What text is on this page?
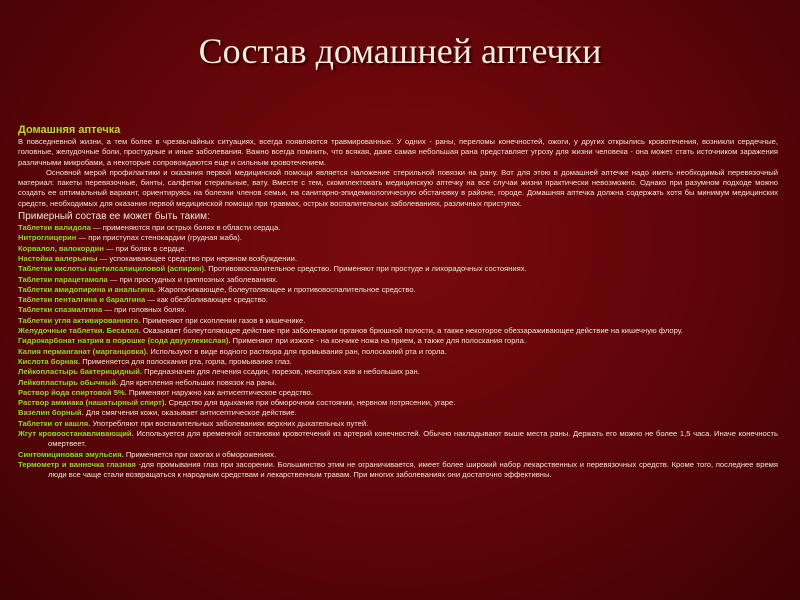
Состав домашней аптечки
Домашняя аптечка

В повседневной жизни, а тем более в чрезвычайных ситуациях, всегда появляются травмированные. У одних - раны, переломы конечностей, ожоги, у других открылись кровотечения, возникли сердечные, головные, желудочные боли, простудные и иные заболевания. Важно всегда помнить, что всякая, даже самая небольшая рана представляет угрозу для жизни человека - она может стать источником заражения различными микробами, а некоторые сопровождаются еще и сильным кровотечением.

Основной мерой профилактики и оказания первой медицинской помощи является наложение стерильной повязки на рану. Вот для этою в домашней аптечке надо иметь необходимый перевязочный материал: пакеты перевязочные, бинты, салфетки стерильные, вату. Вместе с тем, скомплектовать медицинскую аптечку на все случаи жизни практически невозможно. Однако при разумном подходе можно создать ее оптимальный вариант, ориентируясь на болезни членов семьи, на санитарно-эпидемиологическую обстановку в районе, городе. Домашняя аптечка должна содержать хотя бы минимум медицинских средств, необходимых для оказания первой медицинской помощи при травмах, острых воспалительных заболеваниях, различных приступах.

Примерный состав ее может быть таким:

Таблетки валидола — применяются при острых болях в области сердца.

Нитроглицерин — при приступах стенокардии (грудная жаба).

Корвалол, валокордин — при болях в сердце.

Настойка валерьяны — успокаивающее средство при нервном возбуждении.

Таблетки кислоты ацетилсалициловой (аспирин). Противовоспалительное средство. Применяют при простуде и лихорадочных состояниях.

Таблетки парацетамола — при простудных и гриппозных заболеваниях.

Таблетки амидопирина и анальгина. Жаропонижающее, болеутоляющее и противовоспалительное средство.

Таблетки пенталгина и баралгина — как обезболивающее средство.

Таблетки спазмалгина — при головных болях.

Таблетки угля активированного. Применяют при скоплении газов в кишечнике.

Желудочные таблетки. Бесалол. Оказывает болеутоляющее действие при заболевании органов брюшной полости, а также некоторое обеззараживающее действие на кишечную флору.

Гидрокарбонат натрия в порошке (сода двууглекислая). Применяют при изжоге - на кончике ножа на прием, а также для полоскания горла.

Калия перманганат (марганцовка). Используют в виде водного раствора для промывания ран, полосканий рта и горла.

Кислота борная. Применяется для полоскания рта, горла, промывания глаз.

Лейкопластырь бактерицидный. Предназначен для лечения ссадин, порезов, некоторых язв и небольших ран.

Лейкопластырь обычный. Для крепления небольших повязок на раны.

Раствор йода спиртовой 5%. Применяют наружно как антисептическое средство.

Раствор аммиака (нашатырный спирт). Средство для вдыхания при обморочном состоянии, нервном потрясении, угаре.

Вазелин борный. Для смягчения кожи, оказывает антисептическое действие.

Таблетки от кашля. Употребляют при воспалительных заболеваниях верхних дыхательных путей.

Жгут кровоостанавливающий. Используется для временной остановки кровотечений из артерий конечностей. Обычно накладывают выше места раны. Держать его можно не более 1,5 часа. Иначе конечность омертвеет.

Синтомициновая эмульсия. Применяется при ожогах и обморожениях.

Термометр и ванночка глазная -для промывания глаз при засорении. Большинство этим не ограничивается, имеет более широкий набор лекарственных и перевязочных средств. Кроме того, последнее время люди все чаще стали возвращаться к народным средствам и лекарственным травам. При многих заболеваниях они достаточно эффективны.
